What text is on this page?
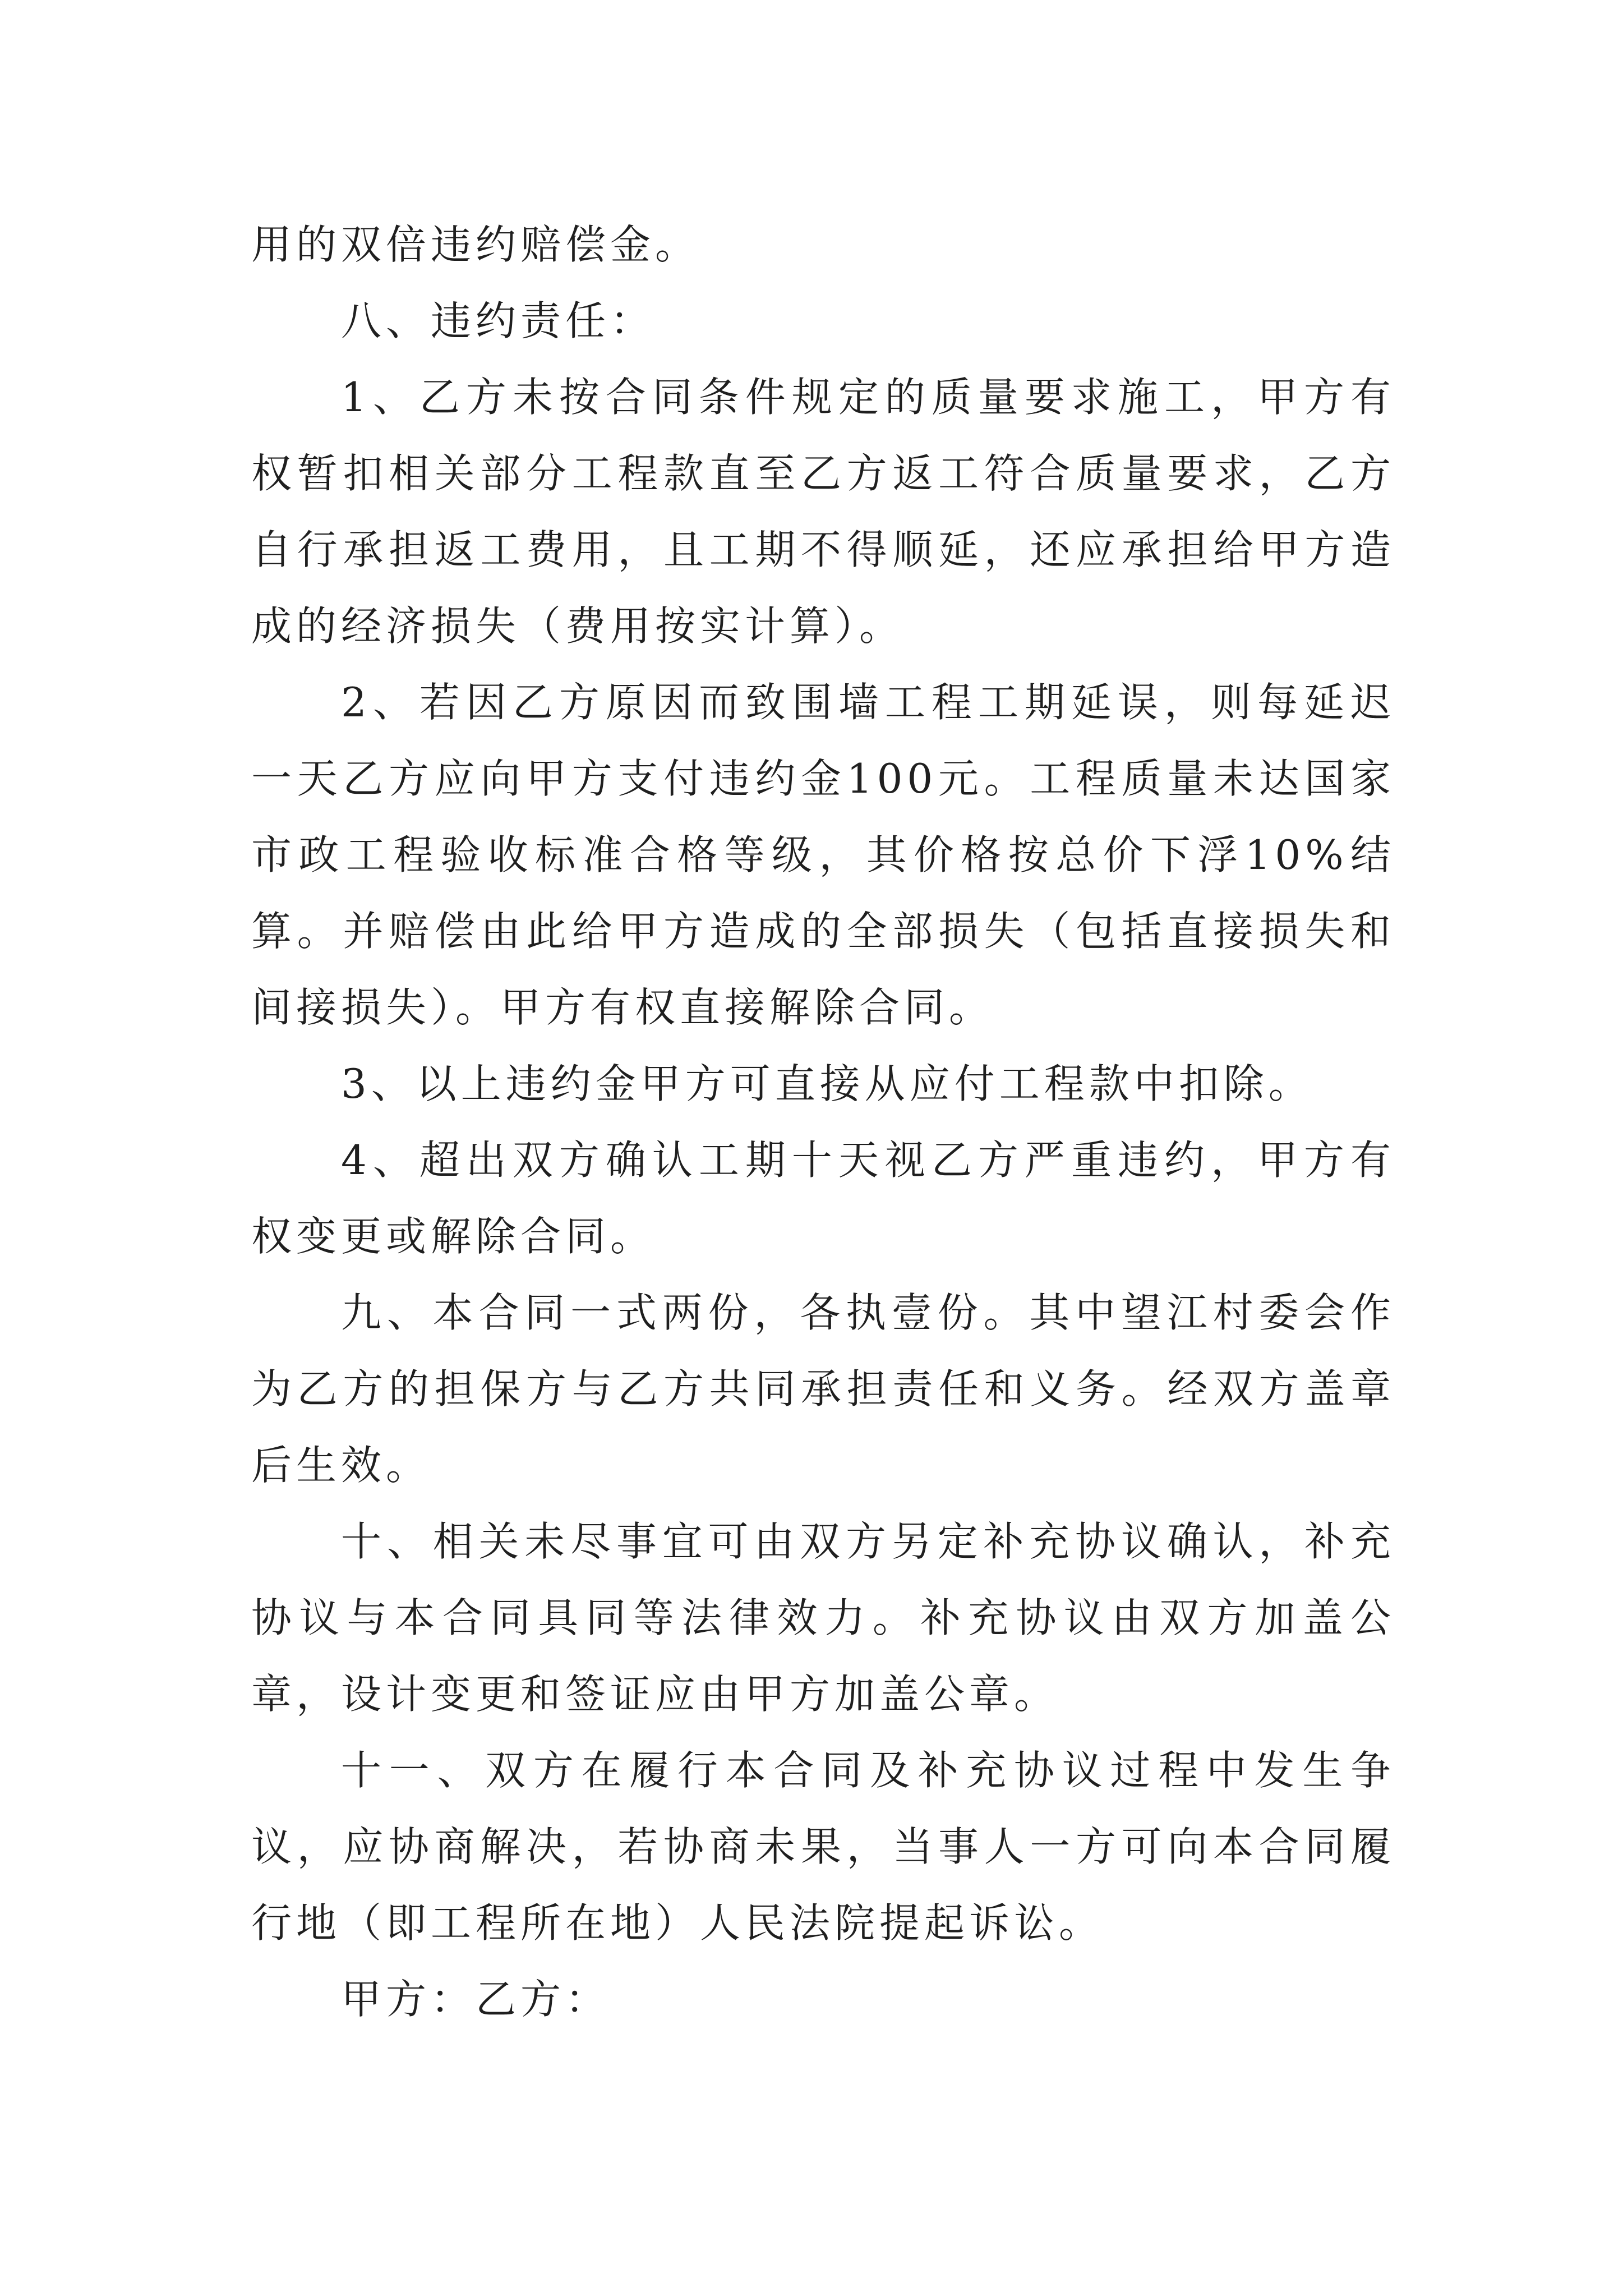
用的双倍违约赔偿金。

八、违约责任：

1、乙方未按合同条件规定的质量要求施工，甲方有权暂扣相关部分工程款直至乙方返工符合质量要求，乙方自行承担返工费用，且工期不得顺延，还应承担给甲方造成的经济损失（费用按实计算）。

2、若因乙方原因而致围墙工程工期延误，则每延迟一天乙方应向甲方支付违约金100元。工程质量未达国家市政工程验收标准合格等级，其价格按总价下浮10%结算。并赔偿由此给甲方造成的全部损失（包括直接损失和间接损失）。甲方有权直接解除合同。

3、以上违约金甲方可直接从应付工程款中扣除。

4、超出双方确认工期十天视乙方严重违约，甲方有权变更或解除合同。

九、本合同一式两份，各执壹份。其中望江村委会作为乙方的担保方与乙方共同承担责任和义务。经双方盖章后生效。

十、相关未尽事宜可由双方另定补充协议确认，补充协议与本合同具同等法律效力。补充协议由双方加盖公章，设计变更和签证应由甲方加盖公章。

十一、双方在履行本合同及补充协议过程中发生争议，应协商解决，若协商未果，当事人一方可向本合同履行地（即工程所在地）人民法院提起诉讼。

甲方：乙方：
